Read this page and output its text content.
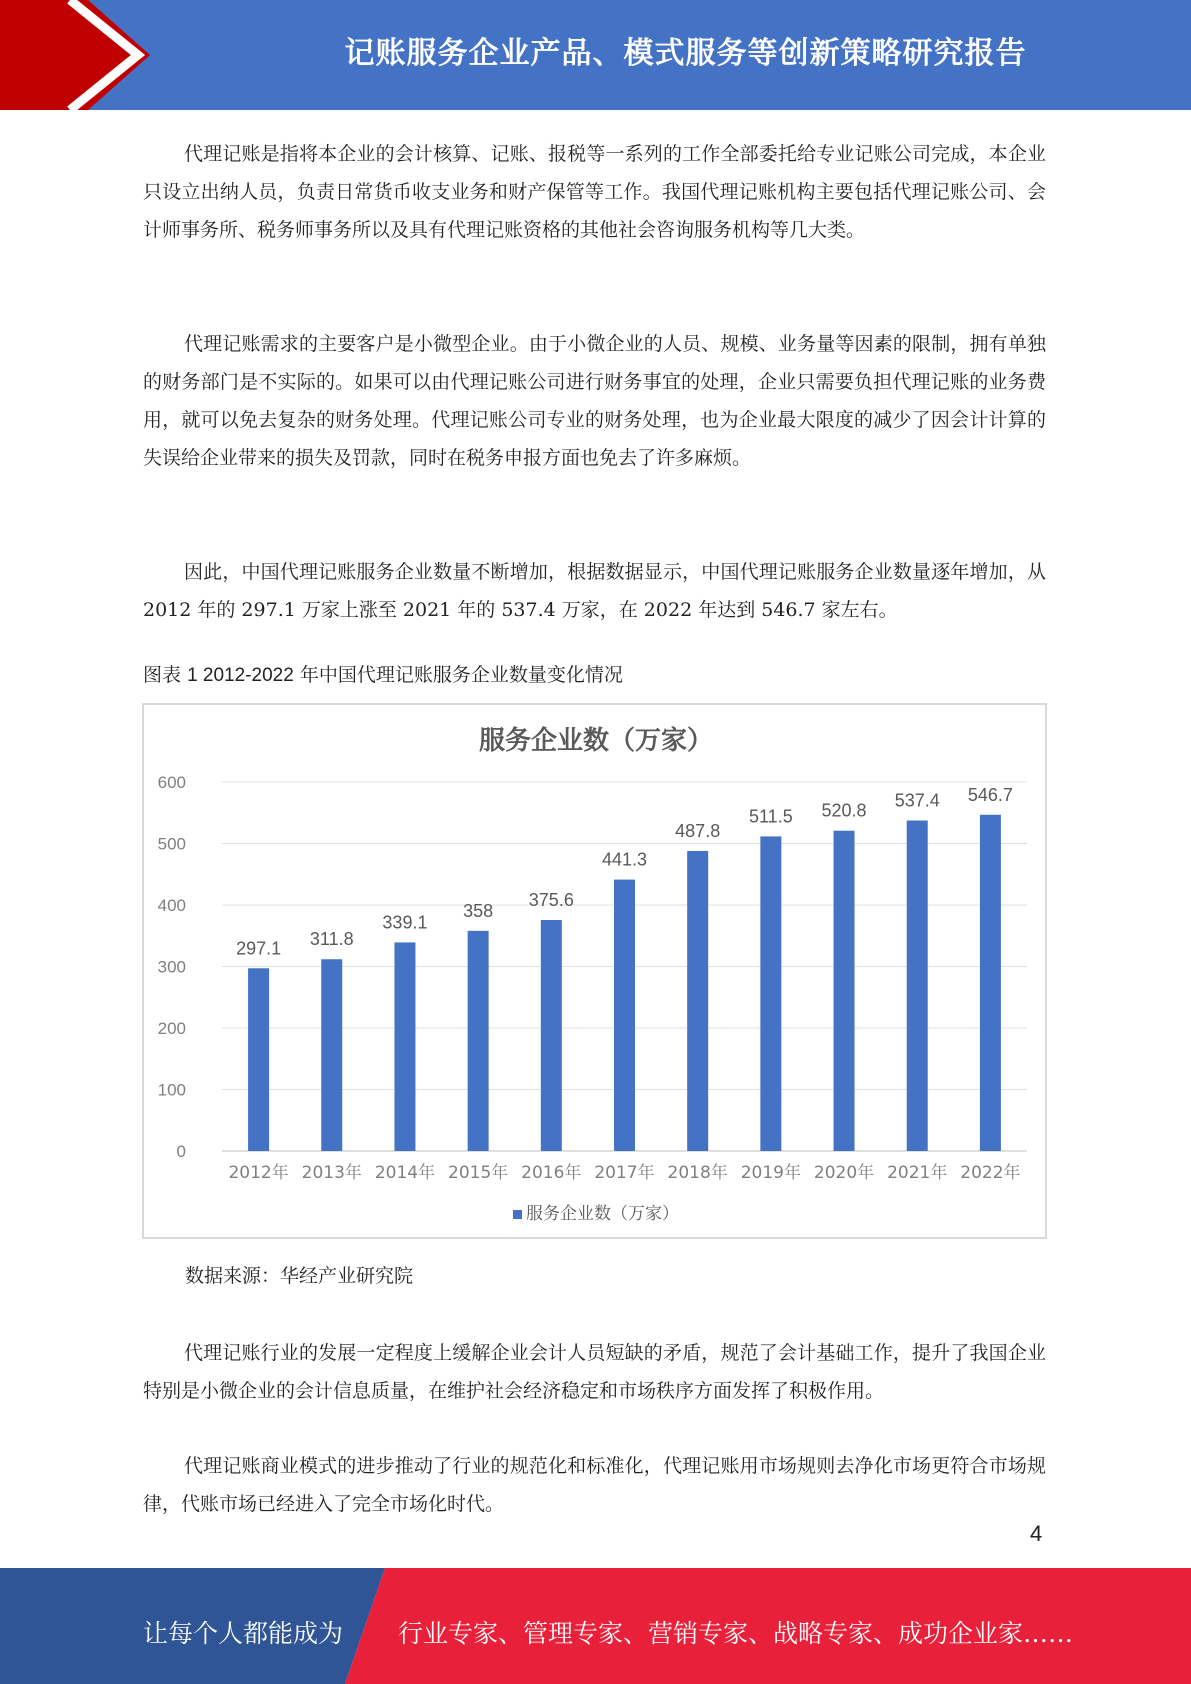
记账服务企业产品、模式服务等创新策略研究报告

代理记账是指将本企业的会计核算、记账、报税等一系列的工作全部委托给专业记账公司完成，本企业只设立出纳人员，负责日常货币收支业务和财产保管等工作。我国代理记账机构主要包括代理记账公司、会计师事务所、税务师事务所以及具有代理记账资格的其他社会咨询服务机构等几大类。

代理记账需求的主要客户是小微型企业。由于小微企业的人员、规模、业务量等因素的限制，拥有单独的财务部门是不实际的。如果可以由代理记账公司进行财务事宜的处理，企业只需要负担代理记账的业务费用，就可以免去复杂的财务处理。代理记账公司专业的财务处理，也为企业最大限度的减少了因会计计算的失误给企业带来的损失及罚款，同时在税务申报方面也免去了许多麻烦。

因此，中国代理记账服务企业数量不断增加，根据数据显示，中国代理记账服务企业数量逐年增加，从 2012 年的 297.1 万家上涨至 2021 年的 537.4 万家，在 2022 年达到 546.7 家左右。

图表 1 2012-2022 年中国代理记账服务企业数量变化情况
服务企业数（万家）
0
100
200
300
400
500
600
297.1
2012年
311.8
2013年
339.1
2014年
358
2015年
375.6
2016年
441.3
2017年
487.8
2018年
511.5
2019年
520.8
2020年
537.4
2021年
546.7
2022年
服务企业数（万家）
数据来源：华经产业研究院

代理记账行业的发展一定程度上缓解企业会计人员短缺的矛盾，规范了会计基础工作，提升了我国企业特别是小微企业的会计信息质量，在维护社会经济稳定和市场秩序方面发挥了积极作用。

代理记账商业模式的进步推动了行业的规范化和标准化，代理记账用市场规则去净化市场更符合市场规律，代账市场已经进入了完全市场化时代。

4
让每个人都能成为 行业专家、管理专家、营销专家、战略专家、成功企业家……
